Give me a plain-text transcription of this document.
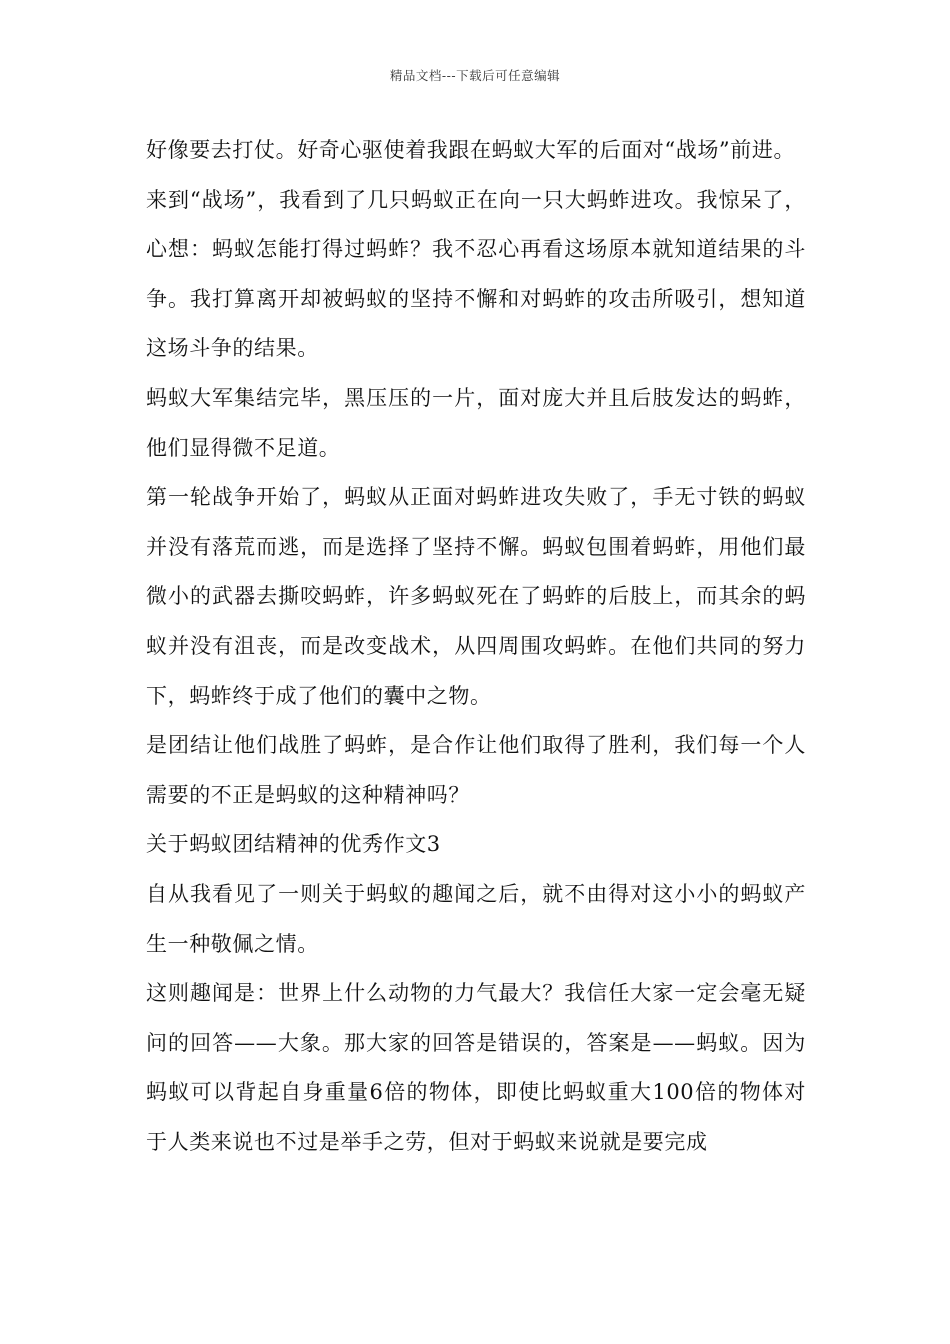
精品文档---下载后可任意编辑

好像要去打仗。好奇心驱使着我跟在蚂蚁大军的后面对“战场”前进。

来到“战场”，我看到了几只蚂蚁正在向一只大蚂蚱进攻。我惊呆了，心想：蚂蚁怎能打得过蚂蚱？我不忍心再看这场原本就知道结果的斗争。我打算离开却被蚂蚁的坚持不懈和对蚂蚱的攻击所吸引，想知道这场斗争的结果。

蚂蚁大军集结完毕，黑压压的一片，面对庞大并且后肢发达的蚂蚱，他们显得微不足道。

第一轮战争开始了，蚂蚁从正面对蚂蚱进攻失败了，手无寸铁的蚂蚁并没有落荒而逃，而是选择了坚持不懈。蚂蚁包围着蚂蚱，用他们最微小的武器去撕咬蚂蚱，许多蚂蚁死在了蚂蚱的后肢上，而其余的蚂蚁并没有沮丧，而是改变战术，从四周围攻蚂蚱。在他们共同的努力下，蚂蚱终于成了他们的囊中之物。

是团结让他们战胜了蚂蚱，是合作让他们取得了胜利，我们每一个人需要的不正是蚂蚁的这种精神吗？

关于蚂蚁团结精神的优秀作文3

自从我看见了一则关于蚂蚁的趣闻之后，就不由得对这小小的蚂蚁产生一种敬佩之情。

这则趣闻是：世界上什么动物的力气最大？我信任大家一定会毫无疑问的回答——大象。那大家的回答是错误的，答案是——蚂蚁。因为蚂蚁可以背起自身重量6倍的物体，即使比蚂蚁重大100倍的物体对于人类来说也不过是举手之劳，但对于蚂蚁来说就是要完成
